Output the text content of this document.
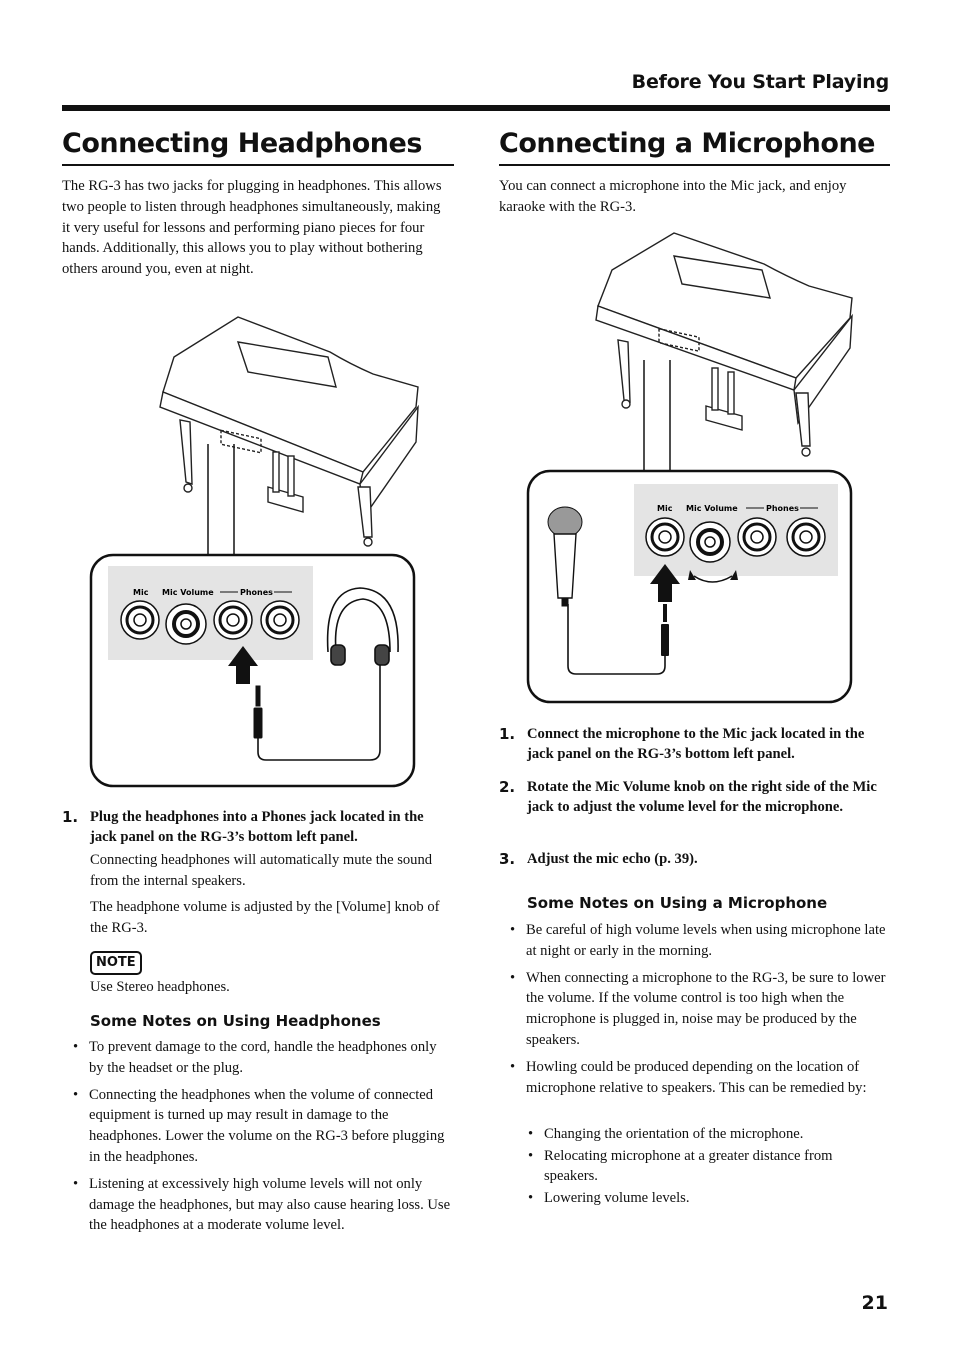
Before You Start Playing
Connecting Headphones

The RG-3 has two jacks for plugging in headphones. This allows two people to listen through headphones simultaneously, making it very useful for lessons and performing piano pieces for four hands. Additionally, this allows you to play without bothering others around you, even at night.

Mic Mic Volume	Phones
1. Plug the headphones into a Phones jack located in the jack panel on the RG-3’s bottom left panel.
Connecting headphones will automatically mute the sound from the internal speakers.
The headphone volume is adjusted by the [Volume] knob of the RG-3.
NOTE
Use Stereo headphones.
Some Notes on Using Headphones
• To prevent damage to the cord, handle the headphones only by the headset or the plug.
• Connecting the headphones when the volume of connected equipment is turned up may result in damage to the headphones. Lower the volume on the RG-3 before plugging in the headphones.
• Listening at excessively high volume levels will not only damage the headphones, but may also cause hearing loss. Use the headphones at a moderate volume level.
Connecting a Microphone

You can connect a microphone into the Mic jack, and enjoy karaoke with the RG-3.

Mic Mic Volume	Phones
1. Connect the microphone to the Mic jack located in the jack panel on the RG-3’s bottom left panel.
2. Rotate the Mic Volume knob on the right side of the Mic jack to adjust the volume level for the microphone.
3. Adjust the mic echo (p. 39).
Some Notes on Using a Microphone
• Be careful of high volume levels when using microphone late at night or early in the morning.
• When connecting a microphone to the RG-3, be sure to lower the volume. If the volume control is too high when the microphone is plugged in, noise may be produced by the speakers.
• Howling could be produced depending on the location of microphone relative to speakers. This can be remedied by:
• Changing the orientation of the microphone.
• Relocating microphone at a greater distance from speakers.
• Lowering volume levels.
21
